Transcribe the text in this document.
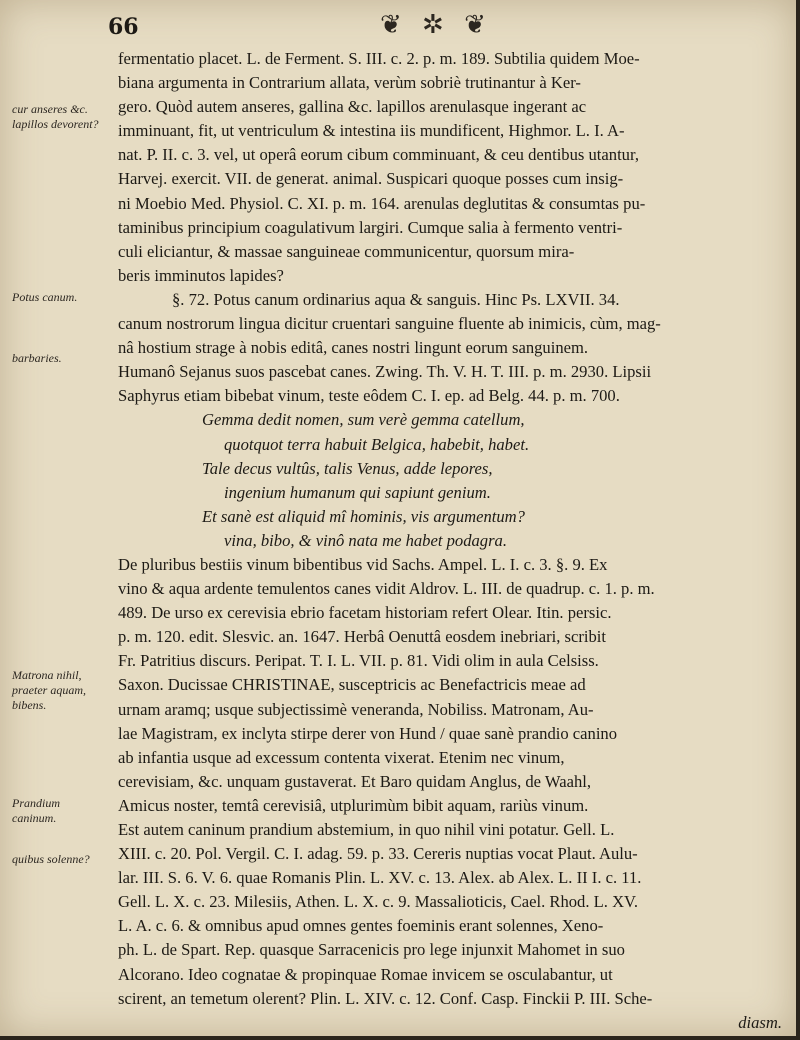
66	❦ ✲ ❦
cur anseres &c. lapillos devorent?
Potus canum.
barbaries.
Matrona nihil, praeter aquam, bibens.
Prandium caninum.
quibus solenne?
fermentatio placet. L. de Ferment. S. III. c. 2. p. m. 189. Subtilia quidem Moe-
biana argumenta in Contrarium allata, verùm sobriè trutinantur à Ker-
gero. Quòd autem anseres, gallina &c. lapillos arenulasque ingerant ac
imminuant, fit, ut ventriculum & intestina iis mundificent, Highmor. L. I. A-
nat. P. II. c. 3. vel, ut operâ eorum cibum comminuant, & ceu dentibus utantur,
Harvej. exercit. VII. de generat. animal. Suspicari quoque posses cum insig-
ni Moebio Med. Physiol. C. XI. p. m. 164. arenulas deglutitas & consumtas pu-
taminibus principium coagulativum largiri. Cumque salia à fermento ventri-
culi eliciantur, & massae sanguineae communicentur, quorsum mira-
beris imminutos lapides?
§. 72. Potus canum ordinarius aqua & sanguis. Hinc Ps. LXVII. 34.
canum nostrorum lingua dicitur cruentari sanguine fluente ab inimicis, cùm, mag-
nâ hostium strage à nobis editâ, canes nostri lingunt eorum sanguinem.
Humanô Sejanus suos pascebat canes. Zwing. Th. V. H. T. III. p. m. 2930. Lipsii
Saphyrus etiam bibebat vinum, teste eôdem C. I. ep. ad Belg. 44. p. m. 700.
Gemma dedit nomen, sum verè gemma catellum,
quotquot terra habuit Belgica, habebit, habet.
Tale decus vultûs, talis Venus, adde lepores,
ingenium humanum qui sapiunt genium.
Et sanè est aliquid mî hominis, vis argumentum?
vina, bibo, & vinô nata me habet podagra.
De pluribus bestiis vinum bibentibus vid Sachs. Ampel. L. I. c. 3. §. 9. Ex
vino & aqua ardente temulentos canes vidit Aldrov. L. III. de quadrup. c. 1. p. m.
489. De urso ex cerevisia ebrio facetam historiam refert Olear. Itin. persic.
p. m. 120. edit. Slesvic. an. 1647. Herbâ Oenuttâ eosdem inebriari, scribit
Fr. Patritius discurs. Peripat. T. I. L. VII. p. 81. Vidi olim in aula Celsiss.
Saxon. Ducissae CHRISTINAE, susceptricis ac Benefactricis meae ad
urnam aramq; usque subjectissimè veneranda, Nobiliss. Matronam, Au-
lae Magistram, ex inclyta stirpe derer von Hund / quae sanè prandio canino
ab infantia usque ad excessum contenta vixerat. Etenim nec vinum,
cerevisiam, &c. unquam gustaverat. Et Baro quidam Anglus, de Waahl,
Amicus noster, temtâ cerevisiâ, utplurimùm bibit aquam, rariùs vinum.
Est autem caninum prandium abstemium, in quo nihil vini potatur. Gell. L.
XIII. c. 20. Pol. Vergil. C. I. adag. 59. p. 33. Cereris nuptias vocat Plaut. Aulu-
lar. III. S. 6. V. 6. quae Romanis Plin. L. XV. c. 13. Alex. ab Alex. L. II I. c. 11.
Gell. L. X. c. 23. Milesiis, Athen. L. X. c. 9. Massalioticis, Cael. Rhod. L. XV.
L. A. c. 6. & omnibus apud omnes gentes foeminis erant solennes, Xeno-
ph. L. de Spart. Rep. quasque Sarracenicis pro lege injunxit Mahomet in suo
Alcorano. Ideo cognatae & propinquae Romae invicem se osculabantur, ut
scirent, an temetum olerent? Plin. L. XIV. c. 12. Conf. Casp. Finckii P. III. Sche-
diasm.
